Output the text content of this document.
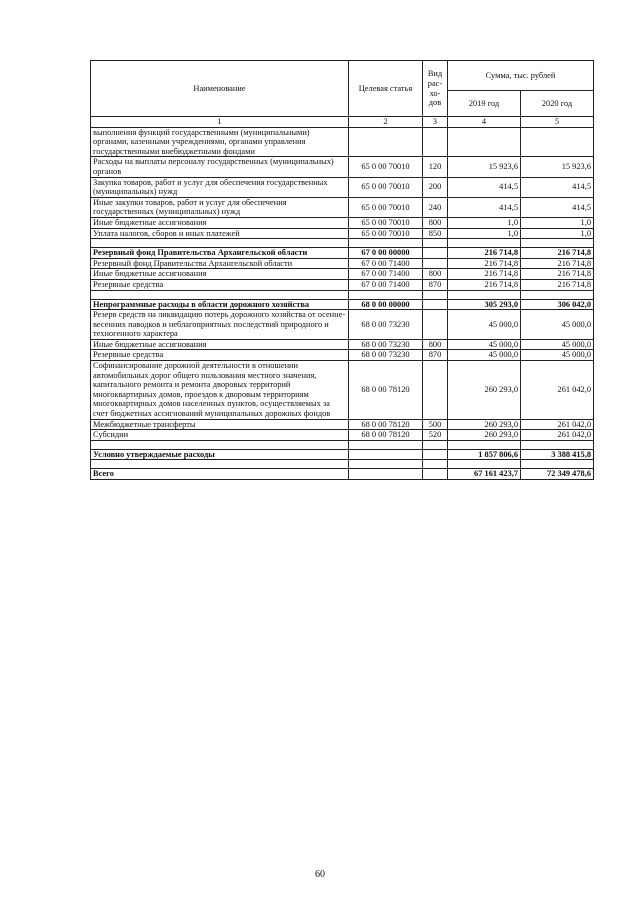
Наименование	Целевая статья	Вид рас-хо-дов	Сумма, тыс. рублей	
			2019 год	2020 год
1	2	3	4	5
выполнения функций государственными (муниципальными) органами, казенными учреждениями, органами управления государственными внебюджетными фондами				
Расходы на выплаты персоналу государственных (муниципальных) органов	65 0 00 70010	120	15 923,6	15 923,6
Закупка товаров, работ и услуг для обеспечения государственных (муниципальных) нужд	65 0 00 70010	200	414,5	414,5
Иные закупки товаров, работ и услуг для обеспечения государственных (муниципальных) нужд	65 0 00 70010	240	414,5	414,5
Иные бюджетные ассигнования	65 0 00 70010	800	1,0	1,0
Уплата налогов, сборов и иных платежей	65 0 00 70010	850	1,0	1,0

Резервный фонд Правительства Архангельской области	67 0 00 00000		216 714,8	216 714,8
Резервный фонд Правительства Архангельской области	67 0 00 71400		216 714,8	216 714,8
Иные бюджетные ассигнования	67 0 00 71400	800	216 714,8	216 714,8
Резервные средства	67 0 00 71400	870	216 714,8	216 714,8

Непрограммные расходы в области дорожного хозяйства	68 0 00 00000		305 293,0	306 042,0
Резерв средств на ликвидацию потерь дорожного хозяйства от осенне-весенних паводков и неблагоприятных последствий природного и техногенного характера	68 0 00 73230		45 000,0	45 000,0
Иные бюджетные ассигнования	68 0 00 73230	800	45 000,0	45 000,0
Резервные средства	68 0 00 73230	870	45 000,0	45 000,0
Софинансирование дорожной деятельности в отношении автомобильных дорог общего пользования местного значения, капитального ремонта и ремонта дворовых территорий многоквартирных домов, проездов к дворовым территориям многоквартирных домов населенных пунктов, осуществляемых за счет бюджетных ассигнований муниципальных дорожных фондов	68 0 00 78120		260 293,0	261 042,0
Межбюджетные трансферты	68 0 00 78120	500	260 293,0	261 042,0
Субсидии	68 0 00 78120	520	260 293,0	261 042,0

Условно утверждаемые расходы			1 857 806,6	3 388 415,8

Всего			67 161 423,7	72 349 478,6
60
